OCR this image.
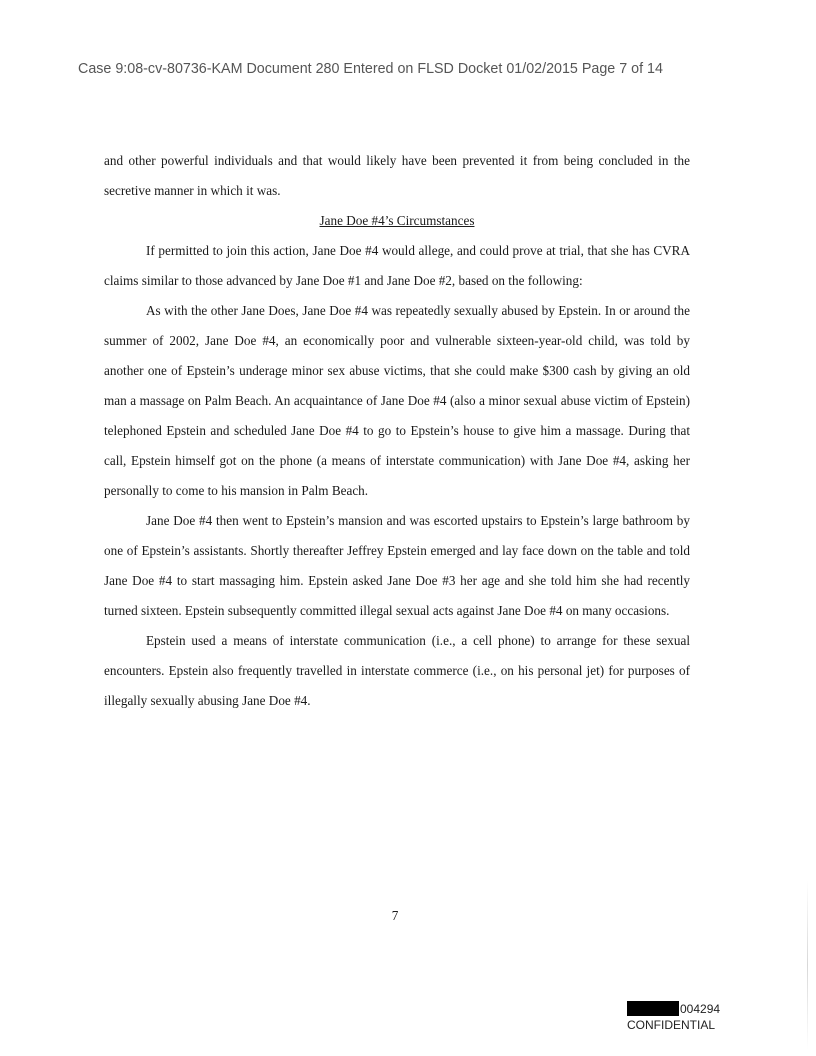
Case 9:08-cv-80736-KAM Document 280 Entered on FLSD Docket 01/02/2015 Page 7 of 14

and other powerful individuals and that would likely have been prevented it from being concluded in the secretive manner in which it was.

Jane Doe #4’s Circumstances

If permitted to join this action, Jane Doe #4 would allege, and could prove at trial, that she has CVRA claims similar to those advanced by Jane Doe #1 and Jane Doe #2, based on the following:

As with the other Jane Does, Jane Doe #4 was repeatedly sexually abused by Epstein. In or around the summer of 2002, Jane Doe #4, an economically poor and vulnerable sixteen-year-old child, was told by another one of Epstein’s underage minor sex abuse victims, that she could make $300 cash by giving an old man a massage on Palm Beach. An acquaintance of Jane Doe #4 (also a minor sexual abuse victim of Epstein) telephoned Epstein and scheduled Jane Doe #4 to go to Epstein’s house to give him a massage. During that call, Epstein himself got on the phone (a means of interstate communication) with Jane Doe #4, asking her personally to come to his mansion in Palm Beach.

Jane Doe #4 then went to Epstein’s mansion and was escorted upstairs to Epstein’s large bathroom by one of Epstein’s assistants. Shortly thereafter Jeffrey Epstein emerged and lay face down on the table and told Jane Doe #4 to start massaging him. Epstein asked Jane Doe #3 her age and she told him she had recently turned sixteen. Epstein subsequently committed illegal sexual acts against Jane Doe #4 on many occasions.

Epstein used a means of interstate communication (i.e., a cell phone) to arrange for these sexual encounters. Epstein also frequently travelled in interstate commerce (i.e., on his personal jet) for purposes of illegally sexually abusing Jane Doe #4.

7
004294
CONFIDENTIAL
